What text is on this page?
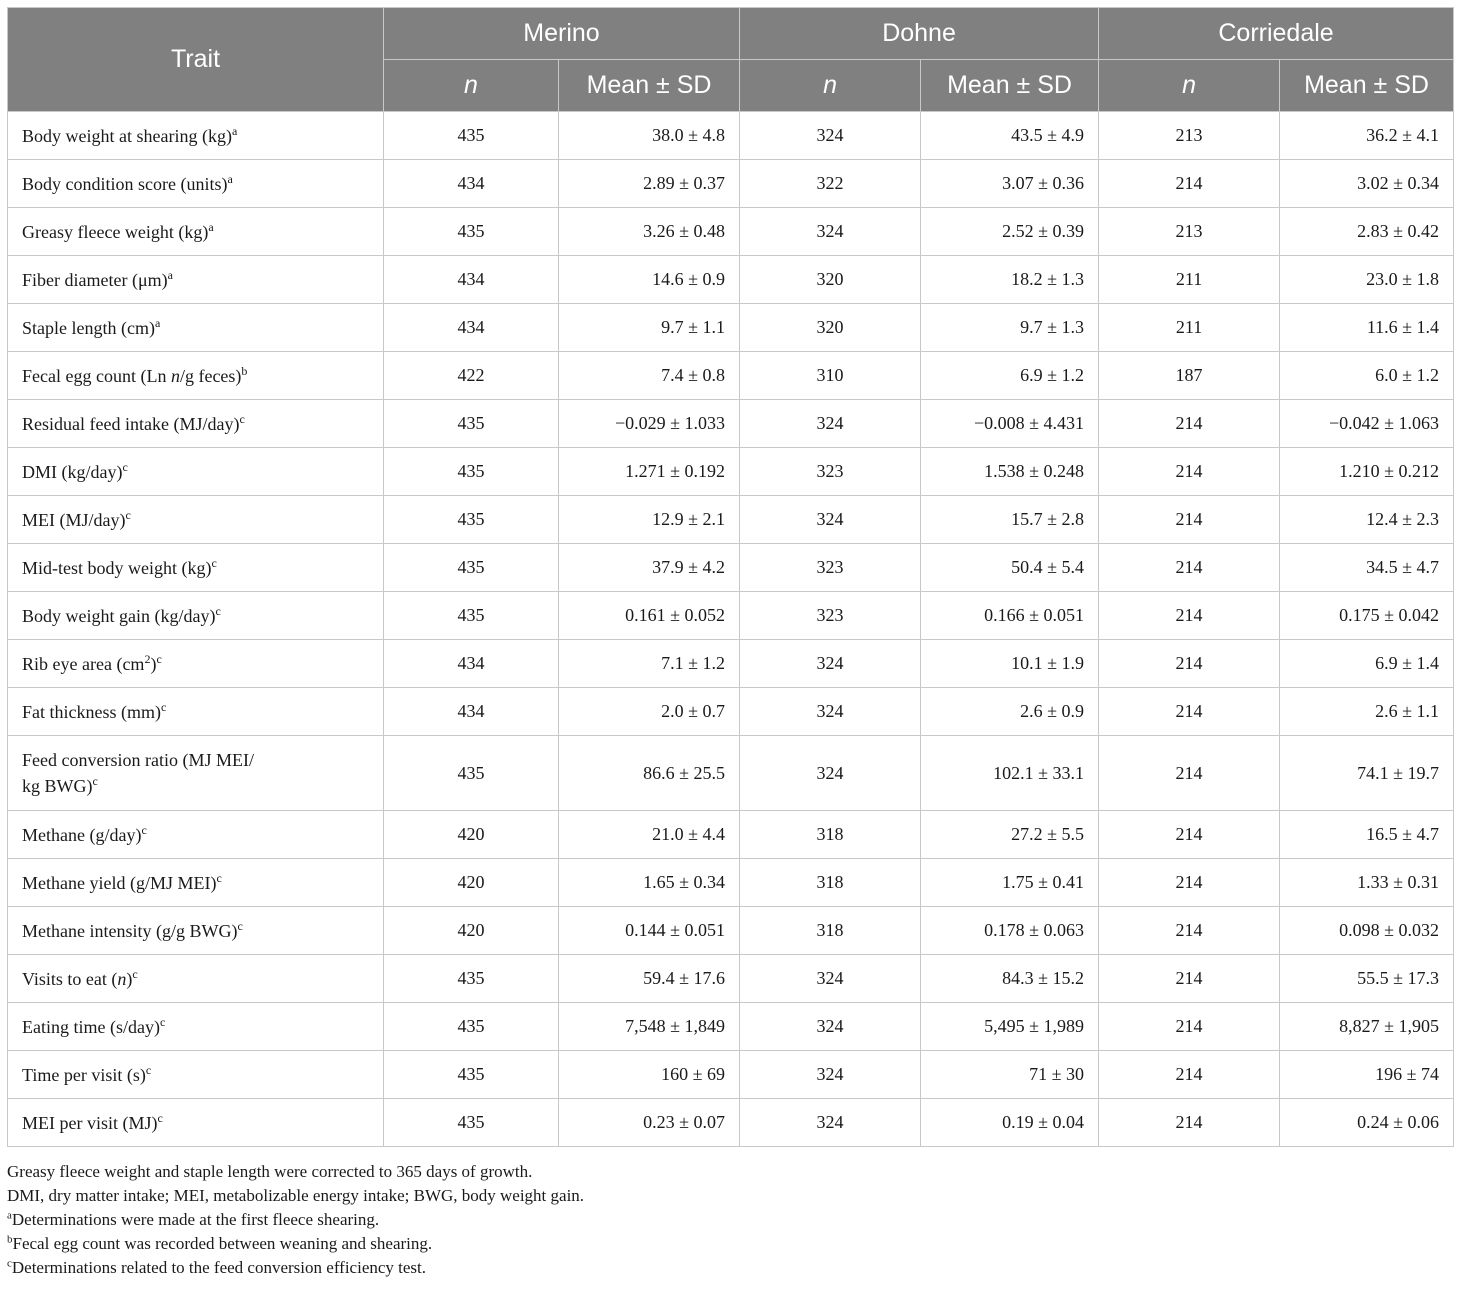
Trait	Merino		Dohne		Corriedale	
	n	Mean ± SD	n	Mean ± SD	n	Mean ± SD
Body weight at shearing (kg)$^a$	435	38.0 ± 4.8	324	43.5 ± 4.9	213	36.2 ± 4.1
Body condition score (units)$^a$	434	2.89 ± 0.37	322	3.07 ± 0.36	214	3.02 ± 0.34
Greasy fleece weight (kg)$^a$	435	3.26 ± 0.48	324	2.52 ± 0.39	213	2.83 ± 0.42
Fiber diameter $(\mu m)^a$	434	14.6 ± 0.9	320	18.2 ± 1.3	211	23.0 ± 1.8
Staple length (cm)$^a$	434	9.7 ± 1.1	320	9.7 ± 1.3	211	11.6 ± 1.4
Fecal egg count (Ln n/g feces)$^b$	422	7.4 ± 0.8	310	6.9 ± 1.2	187	6.0 ± 1.2
Residual feed intake $(MJ/day)^c$	435	−0.029 ± 1.033	324	−0.008 ± 4.431	214	−0.042 ± 1.063
DMI $(kg/day)^c$	435	1.271 ± 0.192	323	1.538 ± 0.248	214	1.210 ± 0.212
MEI $(MJ/day)^c$	435	12.9 ± 2.1	324	15.7 ± 2.8	214	12.4 ± 2.3
Mid-test body weight (kg)$^c$	435	37.9 ± 4.2	323	50.4 ± 5.4	214	34.5 ± 4.7
Body weight gain $(kg/day)^c$	435	0.161 ± 0.052	323	0.166 ± 0.051	214	0.175 ± 0.042
Rib eye area $(cm^2)^c$	434	7.1 ± 1.2	324	10.1 ± 1.9	214	6.9 ± 1.4
Fat thickness (mm)$^c$	434	2.0 ± 0.7	324	2.6 ± 0.9	214	2.6 ± 1.1
Feed conversion ratio (MJ MEI/
kg BWG)$^c$	435	86.6 ± 25.5	324	102.1 ± 33.1	214	74.1 ± 19.7
Methane $(g/day)^c$	420	21.0 ± 4.4	318	27.2 ± 5.5	214	16.5 ± 4.7
Methane yield (g/MJ MEI)$^c$	420	1.65 ± 0.34	318	1.75 ± 0.41	214	1.33 ± 0.31
Methane intensity (g/g BWG)$^c$	420	0.144 ± 0.051	318	0.178 ± 0.063	214	0.098 ± 0.032
Visits to eat $(n)^c$	435	59.4 ± 17.6	324	84.3 ± 15.2	214	55.5 ± 17.3
Eating time $(s/day)^c$	435	7,548 ± 1,849	324	5,495 ± 1,989	214	8,827 ± 1,905
Time per visit $(s)^c$	435	160 ± 69	324	71 ± 30	214	196 ± 74
MEI per visit (MJ)$^c$	435	0.23 ± 0.07	324	0.19 ± 0.04	214	0.24 ± 0.06
Greasy fleece weight and staple length were corrected to 365 days of growth.
DMI, dry matter intake; MEI, metabolizable energy intake; BWG, body weight gain.
$^a$Determinations were made at the first fleece shearing.
$^b$Fecal egg count was recorded between weaning and shearing.
$^c$Determinations related to the feed conversion efficiency test.
